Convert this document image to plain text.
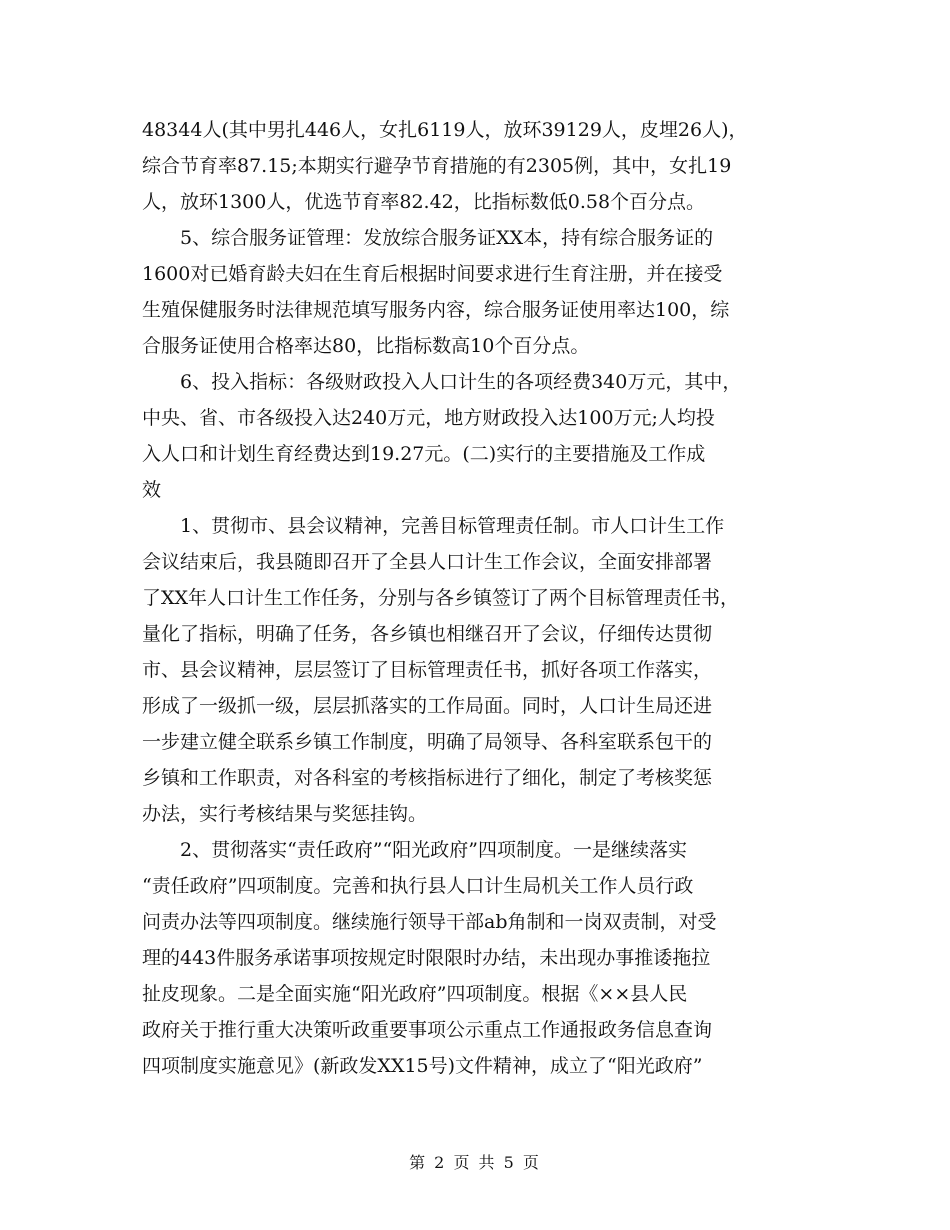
48344人(其中男扎446人，女扎6119人，放环39129人，皮埋26人)，
综合节育率87.15;本期实行避孕节育措施的有2305例，其中，女扎19
人，放环1300人，优选节育率82.42，比指标数低0.58个百分点。
5、综合服务证管理：发放综合服务证XX本，持有综合服务证的
1600对已婚育龄夫妇在生育后根据时间要求进行生育注册，并在接受
生殖保健服务时法律规范填写服务内容，综合服务证使用率达100，综
合服务证使用合格率达80，比指标数高10个百分点。
6、投入指标：各级财政投入人口计生的各项经费340万元，其中，
中央、省、市各级投入达240万元，地方财政投入达100万元;人均投
入人口和计划生育经费达到19.27元。(二)实行的主要措施及工作成
效
1、贯彻市、县会议精神，完善目标管理责任制。市人口计生工作
会议结束后，我县随即召开了全县人口计生工作会议，全面安排部署
了XX年人口计生工作任务，分别与各乡镇签订了两个目标管理责任书，
量化了指标，明确了任务，各乡镇也相继召开了会议，仔细传达贯彻
市、县会议精神，层层签订了目标管理责任书，抓好各项工作落实，
形成了一级抓一级，层层抓落实的工作局面。同时，人口计生局还进
一步建立健全联系乡镇工作制度，明确了局领导、各科室联系包干的
乡镇和工作职责，对各科室的考核指标进行了细化，制定了考核奖惩
办法，实行考核结果与奖惩挂钩。
2、贯彻落实“责任政府”“阳光政府”四项制度。一是继续落实
“责任政府”四项制度。完善和执行县人口计生局机关工作人员行政
问责办法等四项制度。继续施行领导干部ab角制和一岗双责制，对受
理的443件服务承诺事项按规定时限限时办结，未出现办事推诿拖拉
扯皮现象。二是全面实施“阳光政府”四项制度。根据《××县人民
政府关于推行重大决策听政重要事项公示重点工作通报政务信息查询
四项制度实施意见》(新政发XX15号)文件精神，成立了“阳光政府”
第 2 页 共 5 页
